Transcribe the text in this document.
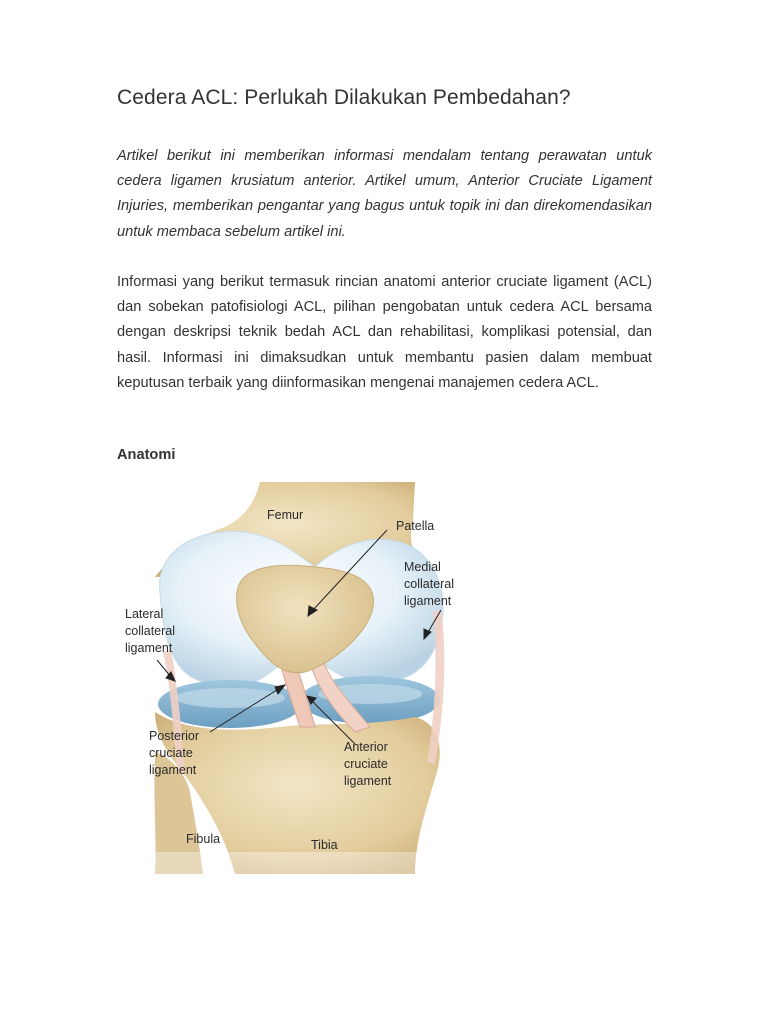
Cedera ACL: Perlukah Dilakukan Pembedahan?

Artikel berikut ini memberikan informasi mendalam tentang perawatan untuk cedera ligamen krusiatum anterior. Artikel umum, Anterior Cruciate Ligament Injuries, memberikan pengantar yang bagus untuk topik ini dan direkomendasikan untuk membaca sebelum artikel ini.

Informasi yang berikut termasuk rincian anatomi anterior cruciate ligament (ACL) dan sobekan patofisiologi ACL, pilihan pengobatan untuk cedera ACL bersama dengan deskripsi teknik bedah ACL dan rehabilitasi, komplikasi potensial, dan hasil. Informasi ini dimaksudkan untuk membantu pasien dalam membuat keputusan terbaik yang diinformasikan mengenai manajemen cedera ACL.

Anatomi
Femur
Patella
Medial
collateral
ligament
Lateral
collateral
ligament
Posterior
cruciate
ligament
Anterior
cruciate
ligament
Fibula	Tibia
